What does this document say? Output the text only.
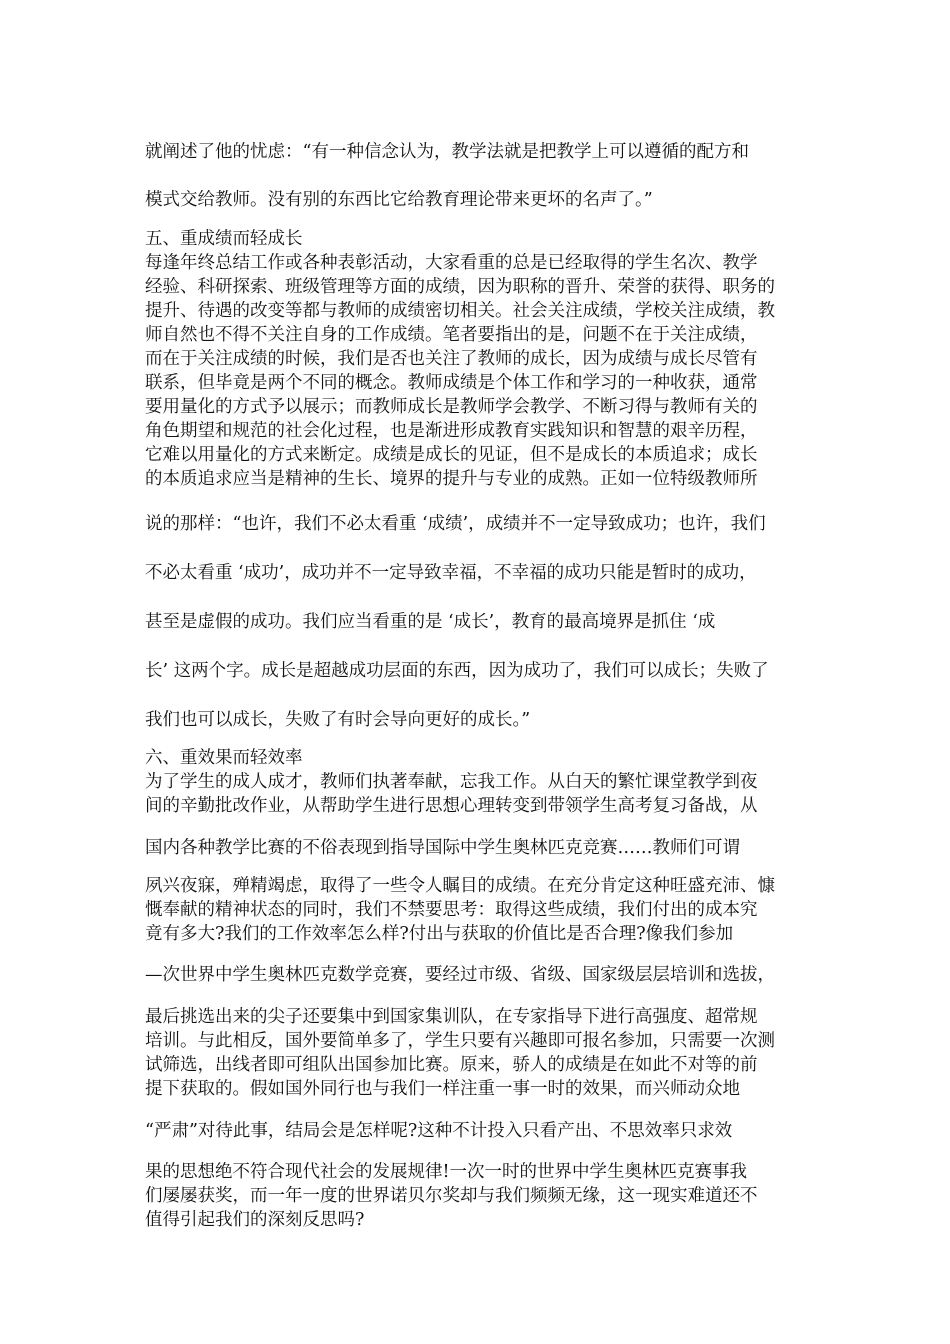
就阐述了他的忧虑：“有一种信念认为，教学法就是把教学上可以遵循的配方和
模式交给教师。没有别的东西比它给教育理论带来更坏的名声了。”
五、重成绩而轻成长
每逢年终总结工作或各种表彰活动，大家看重的总是已经取得的学生名次、教学
经验、科研探索、班级管理等方面的成绩，因为职称的晋升、荣誉的获得、职务的
提升、待遇的改变等都与教师的成绩密切相关。社会关注成绩，学校关注成绩，教
师自然也不得不关注自身的工作成绩。笔者要指出的是，问题不在于关注成绩，
而在于关注成绩的时候，我们是否也关注了教师的成长，因为成绩与成长尽管有
联系，但毕竟是两个不同的概念。教师成绩是个体工作和学习的一种收获，通常
要用量化的方式予以展示；而教师成长是教师学会教学、不断习得与教师有关的
角色期望和规范的社会化过程，也是渐进形成教育实践知识和智慧的艰辛历程，
它难以用量化的方式来断定。成绩是成长的见证，但不是成长的本质追求；成长
的本质追求应当是精神的生长、境界的提升与专业的成熟。正如一位特级教师所
说的那样：“也许，我们不必太看重 ‘成绩’，成绩并不一定导致成功；也许，我们
不必太看重 ‘成功’，成功并不一定导致幸福，不幸福的成功只能是暂时的成功，
甚至是虚假的成功。我们应当看重的是 ‘成长’，教育的最高境界是抓住 ‘成
长’ 这两个字。成长是超越成功层面的东西，因为成功了，我们可以成长；失败了
我们也可以成长，失败了有时会导向更好的成长。”
六、重效果而轻效率
为了学生的成人成才，教师们执著奉献，忘我工作。从白天的繁忙课堂教学到夜
间的辛勤批改作业，从帮助学生进行思想心理转变到带领学生高考复习备战，从
国内各种教学比赛的不俗表现到指导国际中学生奥林匹克竞赛……教师们可谓
夙兴夜寐，殚精竭虑，取得了一些令人瞩目的成绩。在充分肯定这种旺盛充沛、慷
慨奉献的精神状态的同时，我们不禁要思考：取得这些成绩，我们付出的成本究
竟有多大?我们的工作效率怎么样?付出与获取的价值比是否合理?像我们参加
—次世界中学生奥林匹克数学竞赛，要经过市级、省级、国家级层层培训和选拔，
最后挑选出来的尖子还要集中到国家集训队，在专家指导下进行高强度、超常规
培训。与此相反，国外要简单多了，学生只要有兴趣即可报名参加，只需要一次测
试筛选，出线者即可组队出国参加比赛。原来，骄人的成绩是在如此不对等的前
提下获取的。假如国外同行也与我们一样注重一事一时的效果，而兴师动众地
“严肃”对待此事，结局会是怎样呢?这种不计投入只看产出、不思效率只求效
果的思想绝不符合现代社会的发展规律!一次一时的世界中学生奥林匹克赛事我
们屡屡获奖，而一年一度的世界诺贝尔奖却与我们频频无缘，这一现实难道还不
值得引起我们的深刻反思吗?
